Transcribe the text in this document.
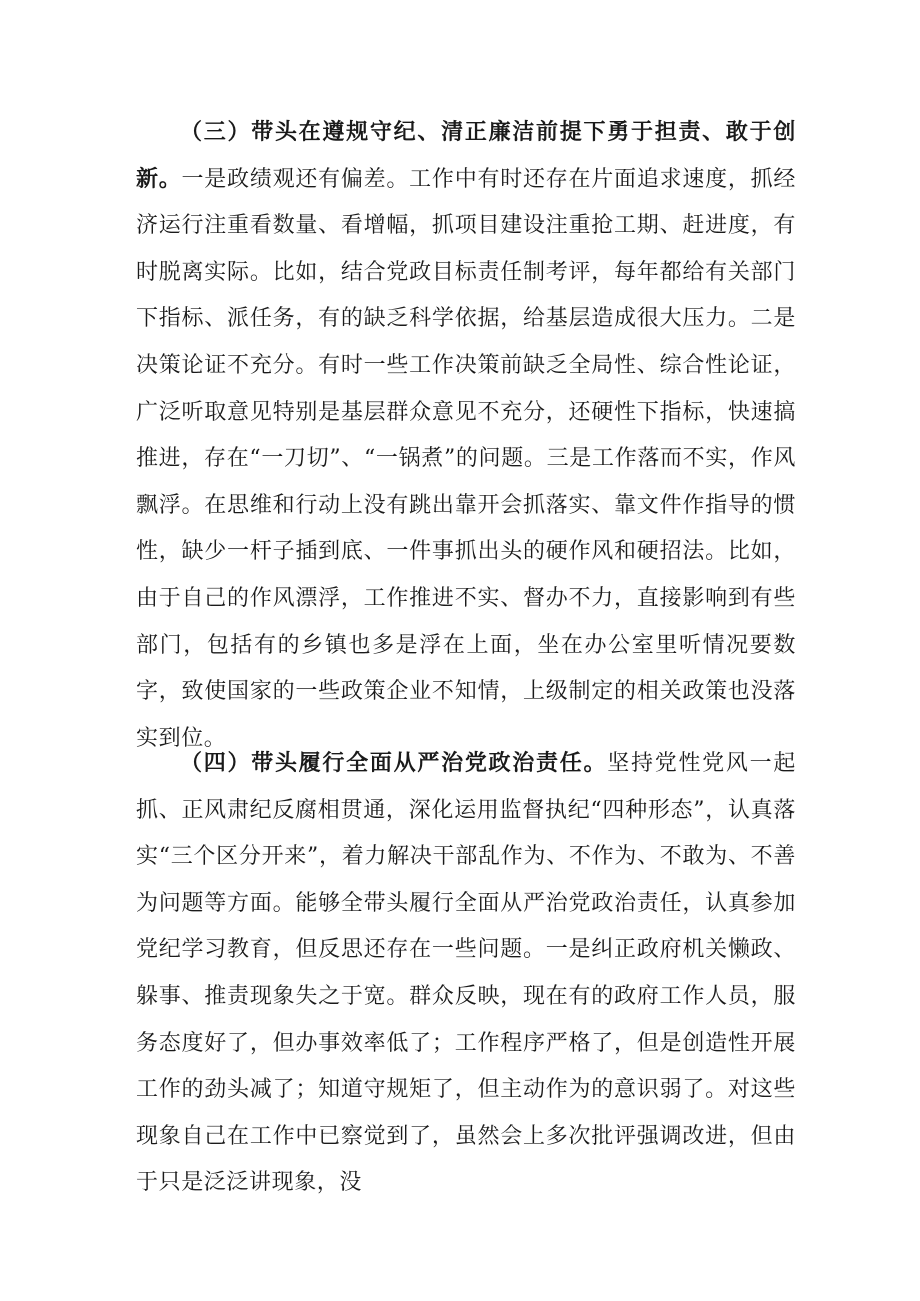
（三）带头在遵规守纪、清正廉洁前提下勇于担责、敢于创新。一是政绩观还有偏差。工作中有时还存在片面追求速度，抓经济运行注重看数量、看增幅，抓项目建设注重抢工期、赶进度，有时脱离实际。比如，结合党政目标责任制考评，每年都给有关部门下指标、派任务，有的缺乏科学依据，给基层造成很大压力。二是决策论证不充分。有时一些工作决策前缺乏全局性、综合性论证，广泛听取意见特别是基层群众意见不充分，还硬性下指标，快速搞推进，存在“一刀切”、“一锅煮”的问题。三是工作落而不实，作风飘浮。在思维和行动上没有跳出靠开会抓落实、靠文件作指导的惯性，缺少一杆子插到底、一件事抓出头的硬作风和硬招法。比如，由于自己的作风漂浮，工作推进不实、督办不力，直接影响到有些部门，包括有的乡镇也多是浮在上面，坐在办公室里听情况要数字，致使国家的一些政策企业不知情，上级制定的相关政策也没落实到位。

（四）带头履行全面从严治党政治责任。坚持党性党风一起抓、正风肃纪反腐相贯通，深化运用监督执纪“四种形态”，认真落实“三个区分开来”，着力解决干部乱作为、不作为、不敢为、不善为问题等方面。能够全带头履行全面从严治党政治责任，认真参加党纪学习教育，但反思还存在一些问题。一是纠正政府机关懒政、躲事、推责现象失之于宽。群众反映，现在有的政府工作人员，服务态度好了，但办事效率低了；工作程序严格了，但是创造性开展工作的劲头减了；知道守规矩了，但主动作为的意识弱了。对这些现象自己在工作中已察觉到了，虽然会上多次批评强调改进，但由于只是泛泛讲现象，没
